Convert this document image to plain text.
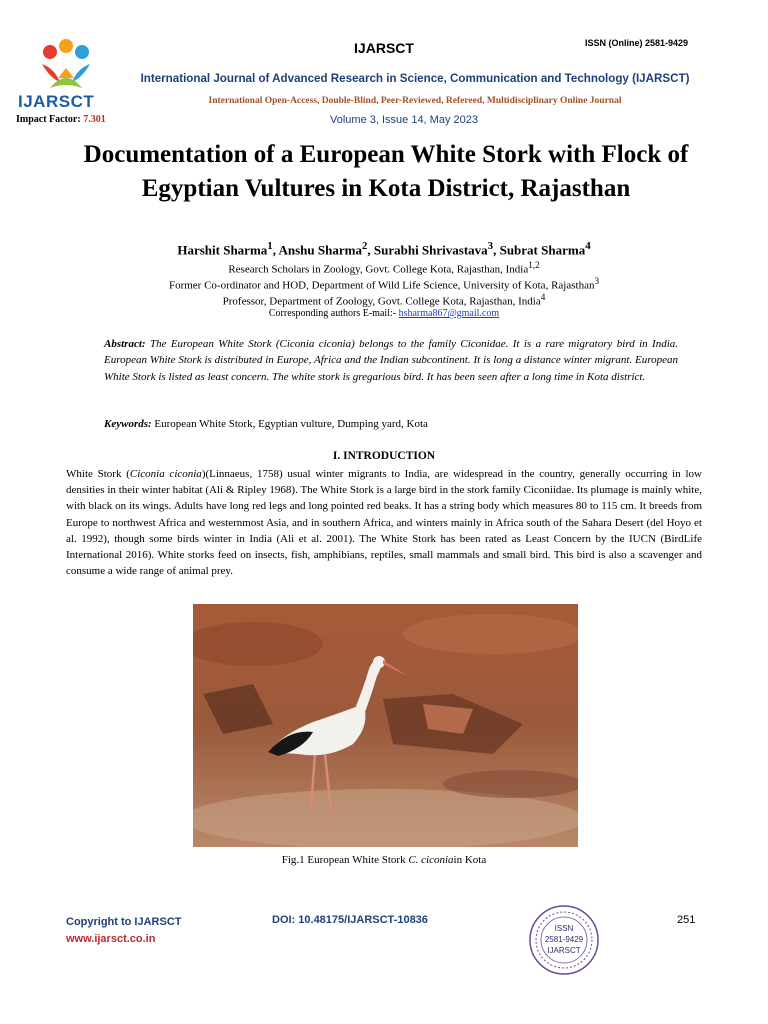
IJARSCT
Impact Factor: 7.301
IJARSCT	ISSN (Online) 2581-9429
International Journal of Advanced Research in Science, Communication and Technology (IJARSCT)
International Open-Access, Double-Blind, Peer-Reviewed, Refereed, Multidisciplinary Online Journal
Volume 3, Issue 14, May 2023
Documentation of a European White Stork with Flock of Egyptian Vultures in Kota District, Rajasthan
Harshit Sharma$^1$, Anshu Sharma$^2$, Surabhi Shrivastava$^3$, Subrat Sharma$^4$
Research Scholars in Zoology, Govt. College Kota, Rajasthan, India$^{1,2}$
Former Co-ordinator and HOD, Department of Wild Life Science, University of Kota, Rajasthan$^3$
Professor, Department of Zoology, Govt. College Kota, Rajasthan, India$^4$
Corresponding authors E-mail:- hsharma867@gmail.com
Abstract: The European White Stork (Ciconia ciconia) belongs to the family Ciconidae. It is a rare migratory bird in India. European White Stork is distributed in Europe, Africa and the Indian subcontinent. It is long a distance winter migrant. European White Stork is listed as least concern. The white stork is gregarious bird. It has been seen after a long time in Kota district.
Keywords: European White Stork, Egyptian vulture, Dumping yard, Kota
I. INTRODUCTION
White Stork (Ciconia ciconia)(Linnaeus, 1758) usual winter migrants to India, are widespread in the country, generally occurring in low densities in their winter habitat (Ali & Ripley 1968). The White Stork is a large bird in the stork family Ciconiidae. Its plumage is mainly white, with black on its wings. Adults have long red legs and long pointed red beaks. It has a string body which measures 80 to 115 cm. It breeds from Europe to northwest Africa and westernmost Asia, and in southern Africa, and winters mainly in Africa south of the Sahara Desert (del Hoyo et al. 1992), though some birds winter in India (Ali et al. 2001). The White Stork has been rated as Least Concern by the IUCN (BirdLife International 2016). White storks feed on insects, fish, amphibians, reptiles, small mammals and small bird. This bird is also a scavenger and consume a wide range of animal prey.
Fig.1 European White Stork C. ciconiain Kota
Copyright to IJARSCT
www.ijarsct.co.in
DOI: 10.48175/IJARSCT-10836
ISSN
2581-9429
IJARSCT
251
